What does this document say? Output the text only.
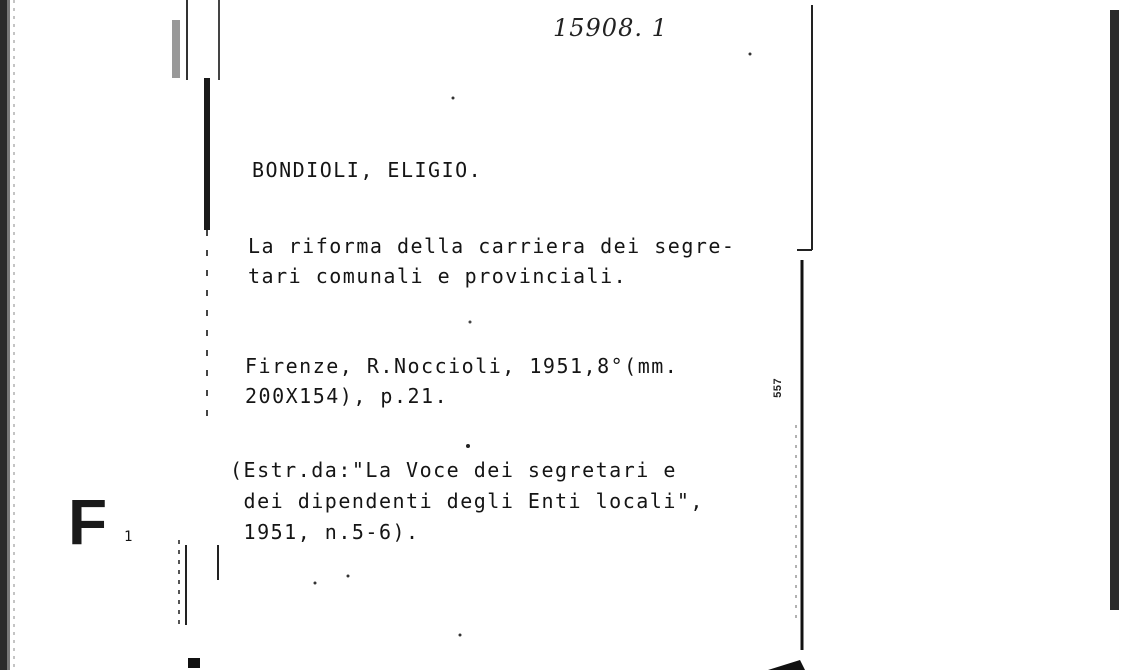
15908. 1
BONDIOLI, ELIGIO.
La riforma della carriera dei segre-
tari comunali e provinciali.
Firenze, R.Noccioli, 1951,8°(mm.
200X154), p.21.
(Estr.da:"La Voce dei segretari e
dei dipendenti degli Enti locali",
1951, n.5-6).
557
F 1
